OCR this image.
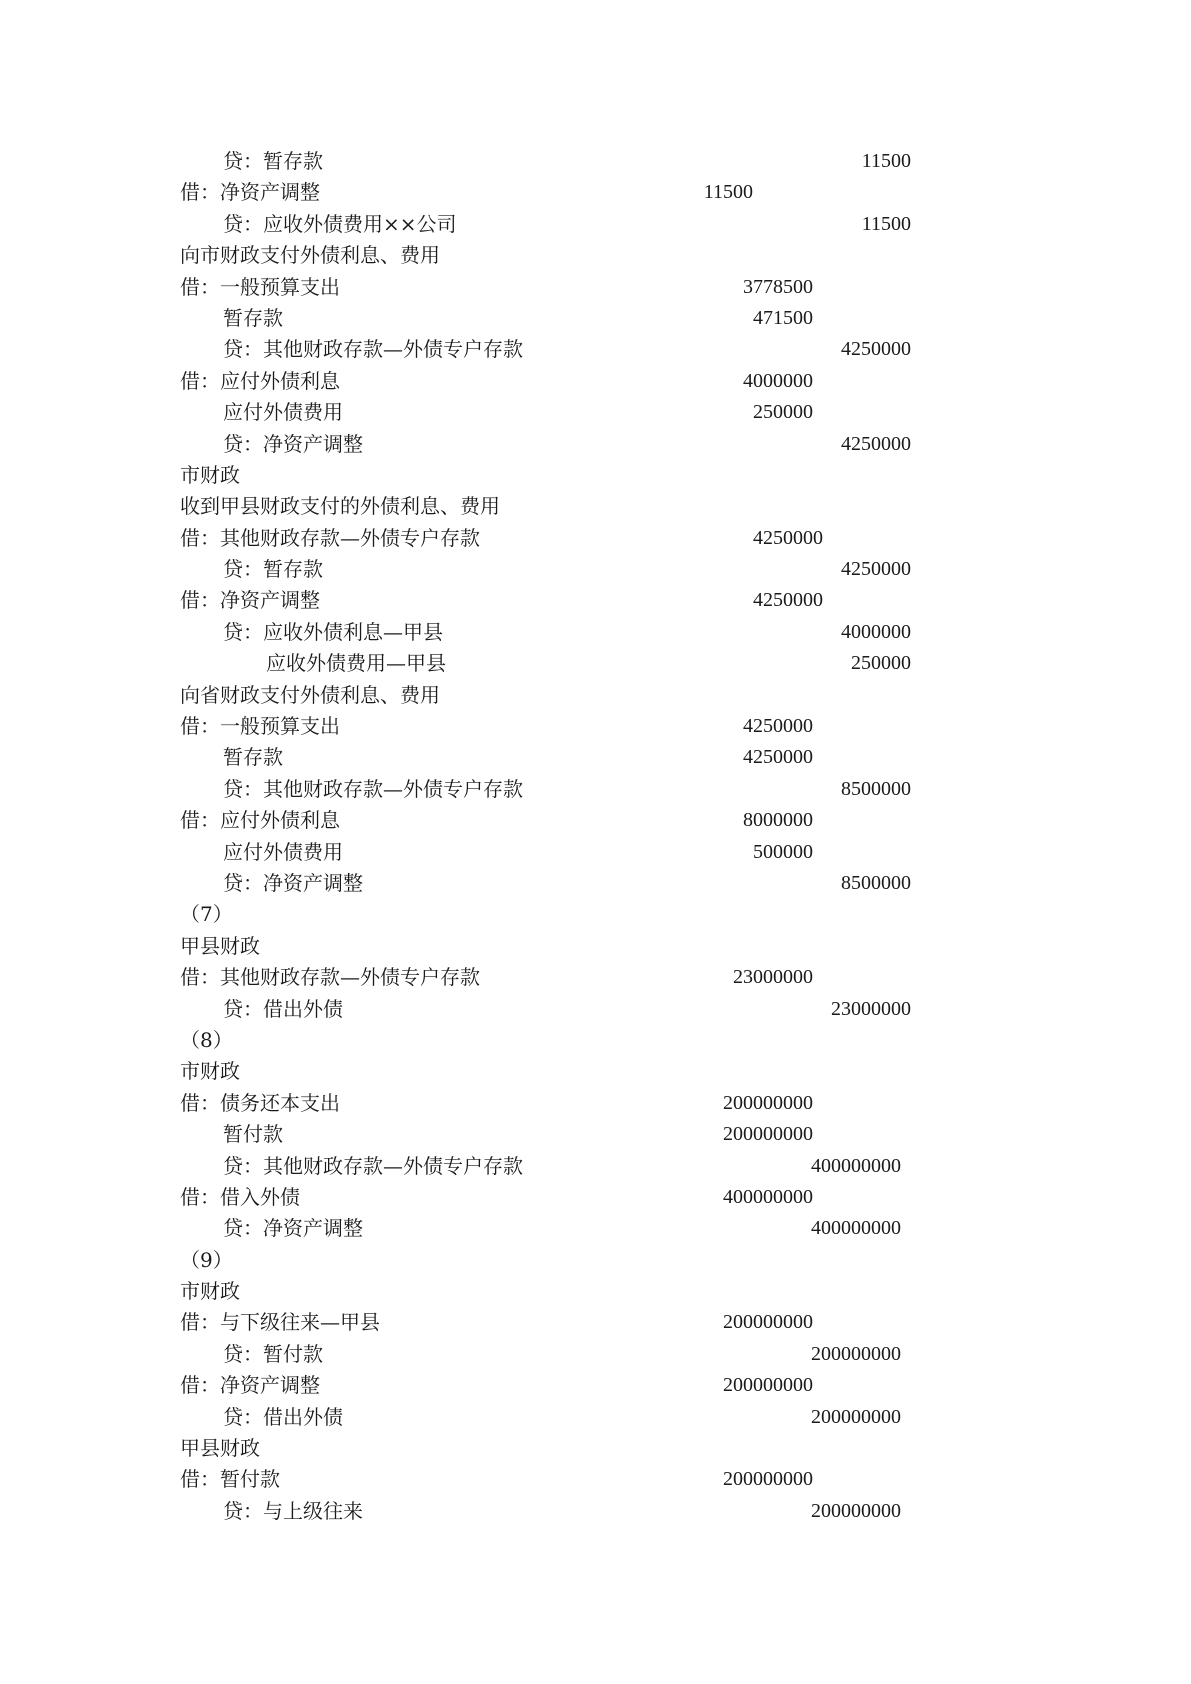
贷：暂存款	11500
借：净资产调整	11500
贷：应收外债费用××公司	11500
向市财政支付外债利息、费用
借：一般预算支出	3778500
暂存款	471500
贷：其他财政存款—外债专户存款	4250000
借：应付外债利息	4000000
应付外债费用	250000
贷：净资产调整	4250000
市财政
收到甲县财政支付的外债利息、费用
借：其他财政存款—外债专户存款	4250000
贷：暂存款	4250000
借：净资产调整	4250000
贷：应收外债利息—甲县	4000000
应收外债费用—甲县	250000
向省财政支付外债利息、费用
借：一般预算支出	4250000
暂存款	4250000
贷：其他财政存款—外债专户存款	8500000
借：应付外债利息	8000000
应付外债费用	500000
贷：净资产调整	8500000
（7）
甲县财政
借：其他财政存款—外债专户存款	23000000
贷：借出外债	23000000
（8）
市财政
借：债务还本支出	200000000
暂付款	200000000
贷：其他财政存款—外债专户存款	400000000
借：借入外债	400000000
贷：净资产调整	400000000
（9）
市财政
借：与下级往来—甲县	200000000
贷：暂付款	200000000
借：净资产调整	200000000
贷：借出外债	200000000
甲县财政
借：暂付款	200000000
贷：与上级往来	200000000
